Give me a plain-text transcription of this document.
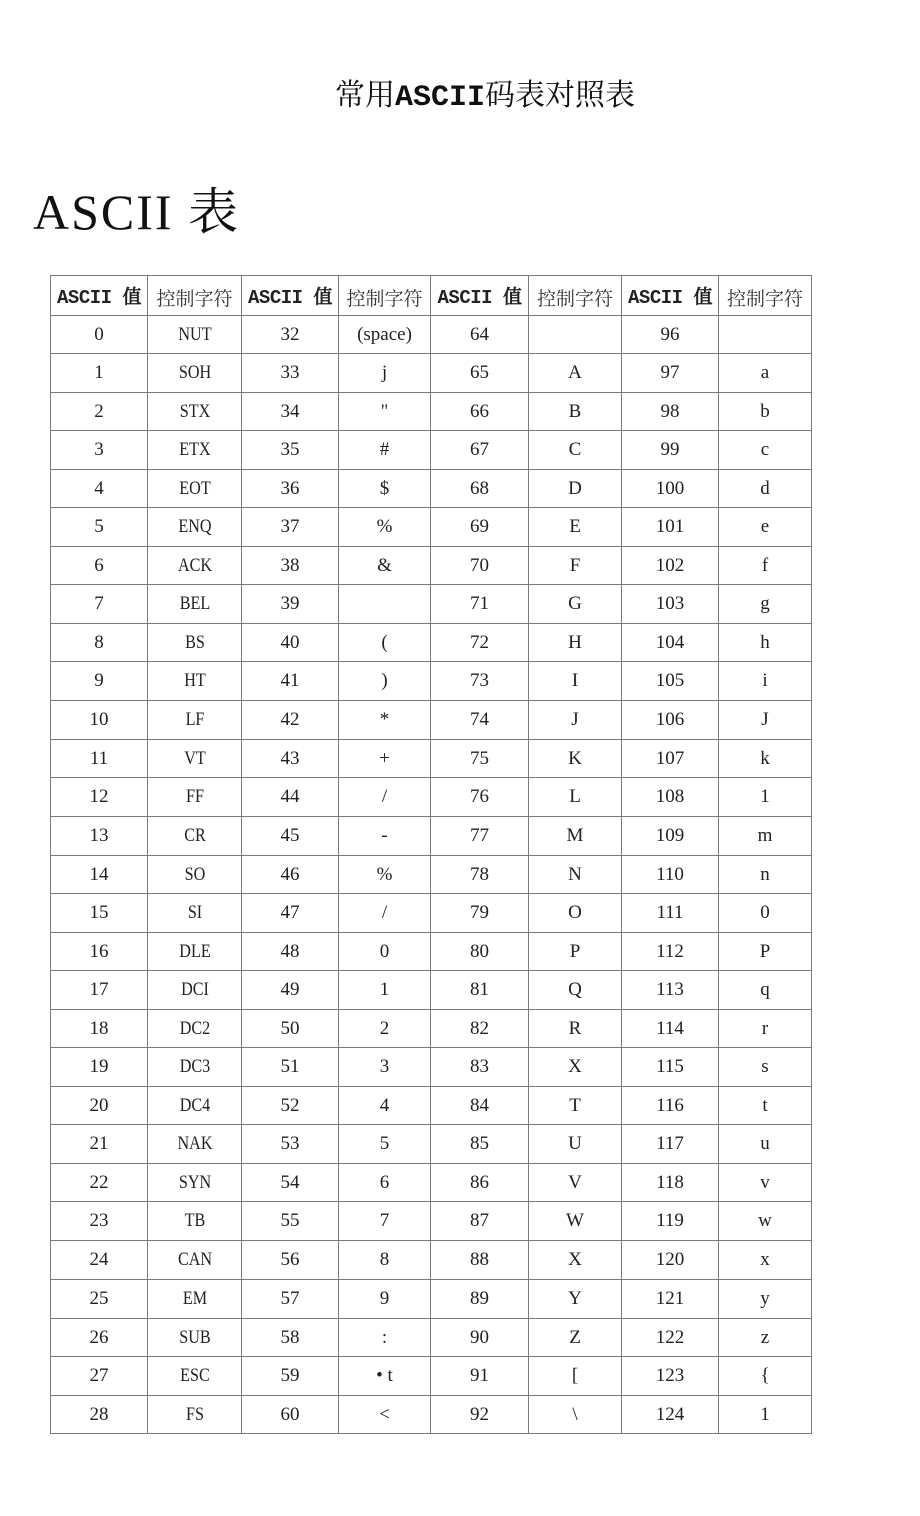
常用ASCII码表对照表
ASCII 表
ASCII 值	控制字符	ASCII 值	控制字符	ASCII 值	控制字符	ASCII 值	控制字符
0	NUT	32	(space)	64		96	
1	SOH	33	j	65	A	97	a
2	STX	34	"	66	B	98	b
3	ETX	35	#	67	C	99	c
4	EOT	36	$	68	D	100	d
5	ENQ	37	%	69	E	101	e
6	ACK	38	&	70	F	102	f
7	BEL	39		71	G	103	g
8	BS	40	(	72	H	104	h
9	HT	41	)	73	I	105	i
10	LF	42	*	74	J	106	J
11	VT	43	+	75	K	107	k
12	FF	44	/	76	L	108	1
13	CR	45	-	77	M	109	m
14	SO	46	%	78	N	110	n
15	SI	47	/	79	O	111	0
16	DLE	48	0	80	P	112	P
17	DCI	49	1	81	Q	113	q
18	DC2	50	2	82	R	114	r
19	DC3	51	3	83	X	115	s
20	DC4	52	4	84	T	116	t
21	NAK	53	5	85	U	117	u
22	SYN	54	6	86	V	118	v
23	TB	55	7	87	W	119	w
24	CAN	56	8	88	X	120	x
25	EM	57	9	89	Y	121	y
26	SUB	58	:	90	Z	122	z
27	ESC	59	• t	91	[	123	{
28	FS	60	<	92	\	124	1
